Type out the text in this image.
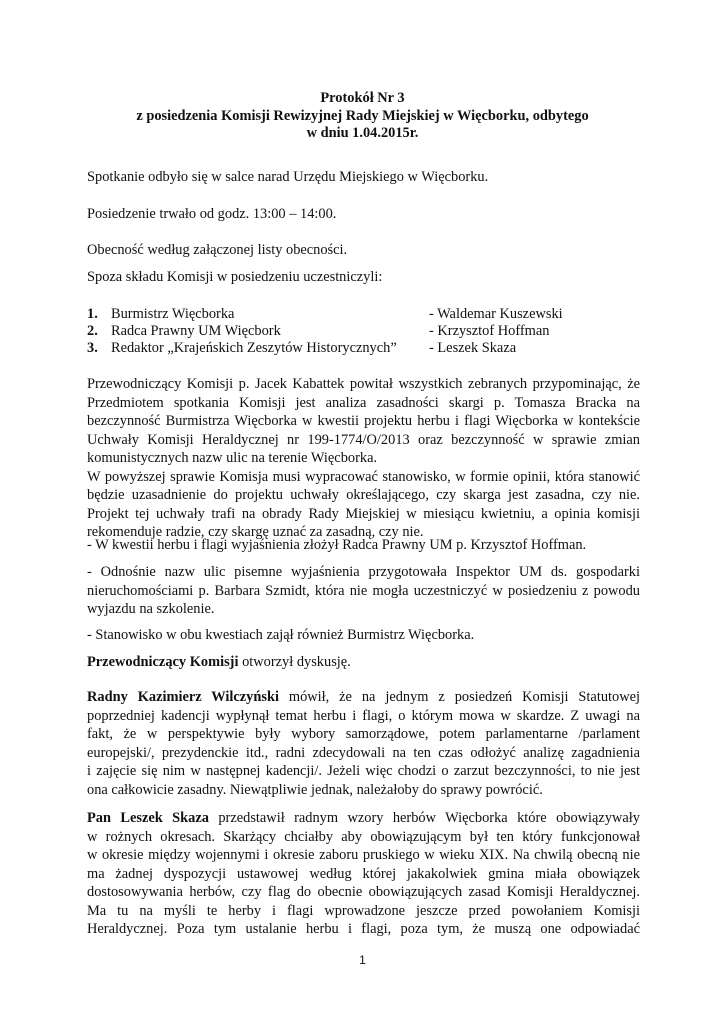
Protokół Nr 3
z posiedzenia Komisji Rewizyjnej Rady Miejskiej w Więcborku, odbytego
w dniu 1.04.2015r.
Spotkanie odbyło się w salce narad Urzędu Miejskiego w Więcborku.
Posiedzenie trwało od godz. 13:00 – 14:00.
Obecność według załączonej listy obecności.
Spoza składu Komisji w posiedzeniu uczestniczyli:
1. Burmistrz Więcborka	- Waldemar Kuszewski
2. Radca Prawny UM Więcbork	- Krzysztof Hoffman
3. Redaktor „Krajeńskich Zeszytów Historycznych” - Leszek Skaza
Przewodniczący Komisji p. Jacek Kabattek powitał wszystkich zebranych przypominając, że
Przedmiotem spotkania Komisji jest analiza zasadności skargi p. Tomasza Bracka na
bezczynność Burmistrza Więcborka w kwestii projektu herbu i flagi Więcborka w kontekście
Uchwały Komisji Heraldycznej nr 199-1774/O/2013 oraz bezczynność w sprawie zmian
komunistycznych nazw ulic na terenie Więcborka.
W powyższej sprawie Komisja musi wypracować stanowisko, w formie opinii, która stanowić
będzie uzasadnienie do projektu uchwały określającego, czy skarga jest zasadna, czy nie.
Projekt tej uchwały trafi na obrady Rady Miejskiej w miesiącu kwietniu, a opinia komisji
rekomenduje radzie, czy skargę uznać za zasadną, czy nie.
- W kwestii herbu i flagi wyjaśnienia złożył Radca Prawny UM p. Krzysztof Hoffman.
- Odnośnie nazw ulic pisemne wyjaśnienia przygotowała Inspektor UM ds. gospodarki
nieruchomościami p. Barbara Szmidt, która nie mogła uczestniczyć w posiedzeniu z powodu
wyjazdu na szkolenie.
- Stanowisko w obu kwestiach zajął również Burmistrz Więcborka.
Przewodniczący Komisji otworzył dyskusję.
Radny Kazimierz Wilczyński mówił, że na jednym z posiedzeń Komisji Statutowej
poprzedniej kadencji wypłynął temat herbu i flagi, o którym mowa w skardze. Z uwagi na
fakt, że w perspektywie były wybory samorządowe, potem parlamentarne /parlament
europejski/, prezydenckie itd., radni zdecydowali na ten czas odłożyć analizę zagadnienia
i zajęcie się nim w następnej kadencji/. Jeżeli więc chodzi o zarzut bezczynności, to nie jest
ona całkowicie zasadny. Niewątpliwie jednak, należałoby do sprawy powrócić.
Pan Leszek Skaza przedstawił radnym wzory herbów Więcborka które obowiązywały
w rożnych okresach. Skarżący chciałby aby obowiązującym był ten który funkcjonował
w okresie między wojennymi i okresie zaboru pruskiego w wieku XIX. Na chwilą obecną nie
ma żadnej dyspozycji ustawowej według której jakakolwiek gmina miała obowiązek
dostosowywania herbów, czy flag do obecnie obowiązujących zasad Komisji Heraldycznej.
Ma tu na myśli te herby i flagi wprowadzone jeszcze przed powołaniem Komisji
Heraldycznej. Poza tym ustalanie herbu i flagi, poza tym, że muszą one odpowiadać
1
